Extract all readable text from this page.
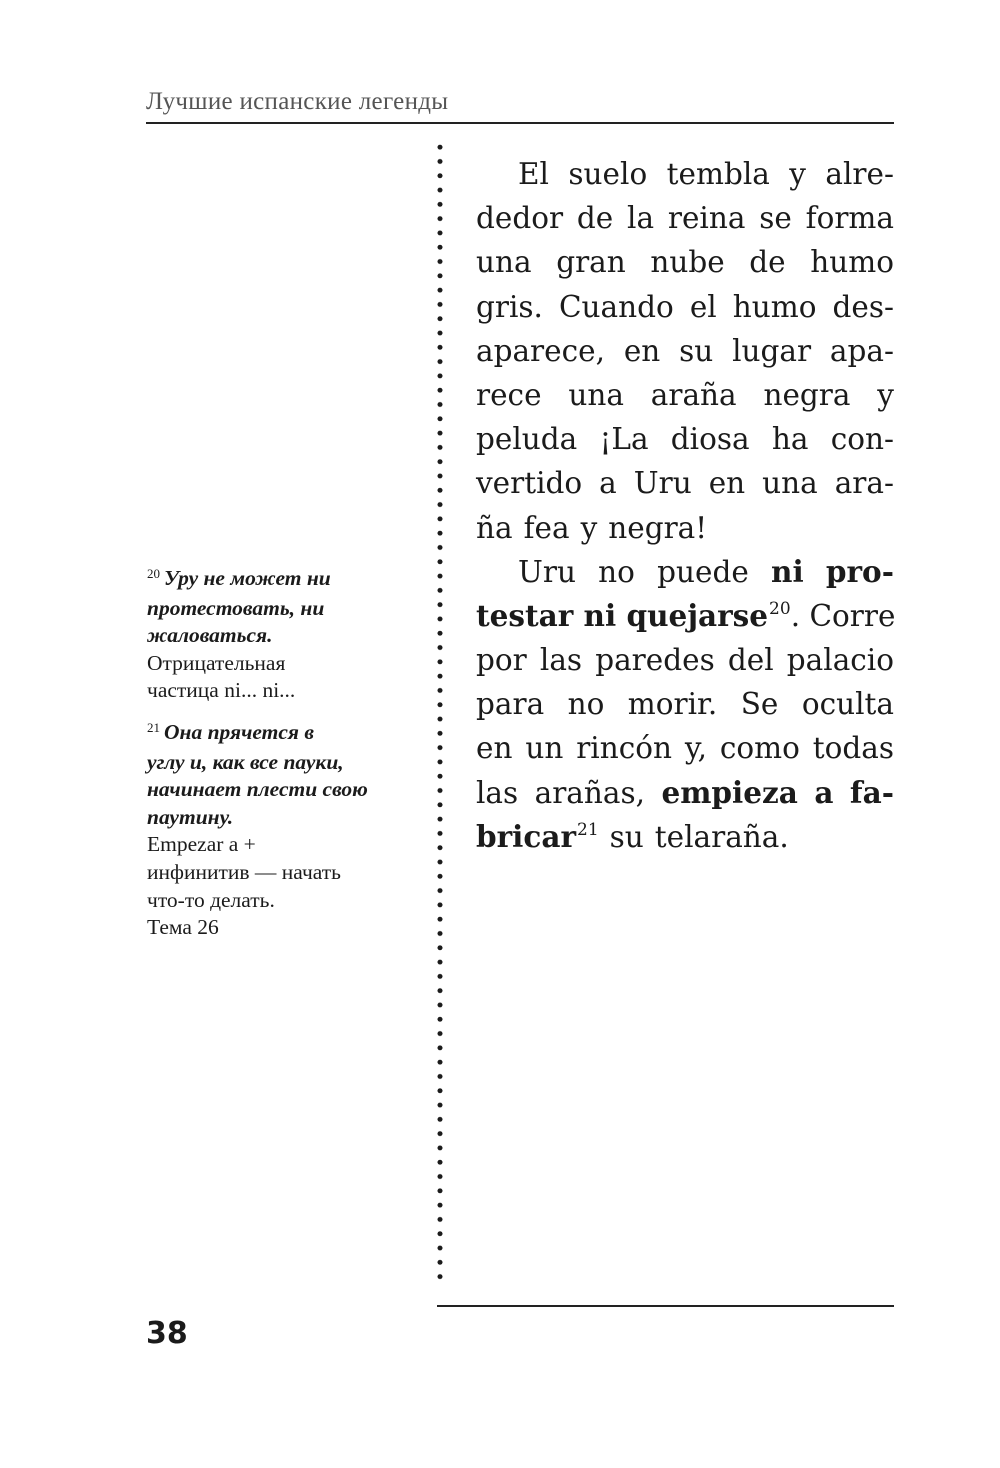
Лучшие испанские легенды
El suelo tembla y alre-
dedor de la reina se forma
una gran nube de humo
gris. Cuando el humo des-
aparece, en su lugar apa-
rece una araña negra y
peluda ¡La diosa ha con-
vertido a Uru en una ara-
ña fea y negra!
Uru no puede ni pro-
testar ni quejarse$^{20}$. Corre
por las paredes del palacio
para no morir. Se oculta
en un rincón y, como todas
las arañas, empieza a fa-
bricar$^{21}$ su telaraña.
$^{20}$ Уру не может ни
протестовать, ни
жаловаться.
Отрицательная
частица ni... ni...
$^{21}$ Она прячется в
углу и, как все пауки,
начинает плести свою
паутину.
Empezar a +
инфинитив — начать
что-то делать.
Тема 26
38
